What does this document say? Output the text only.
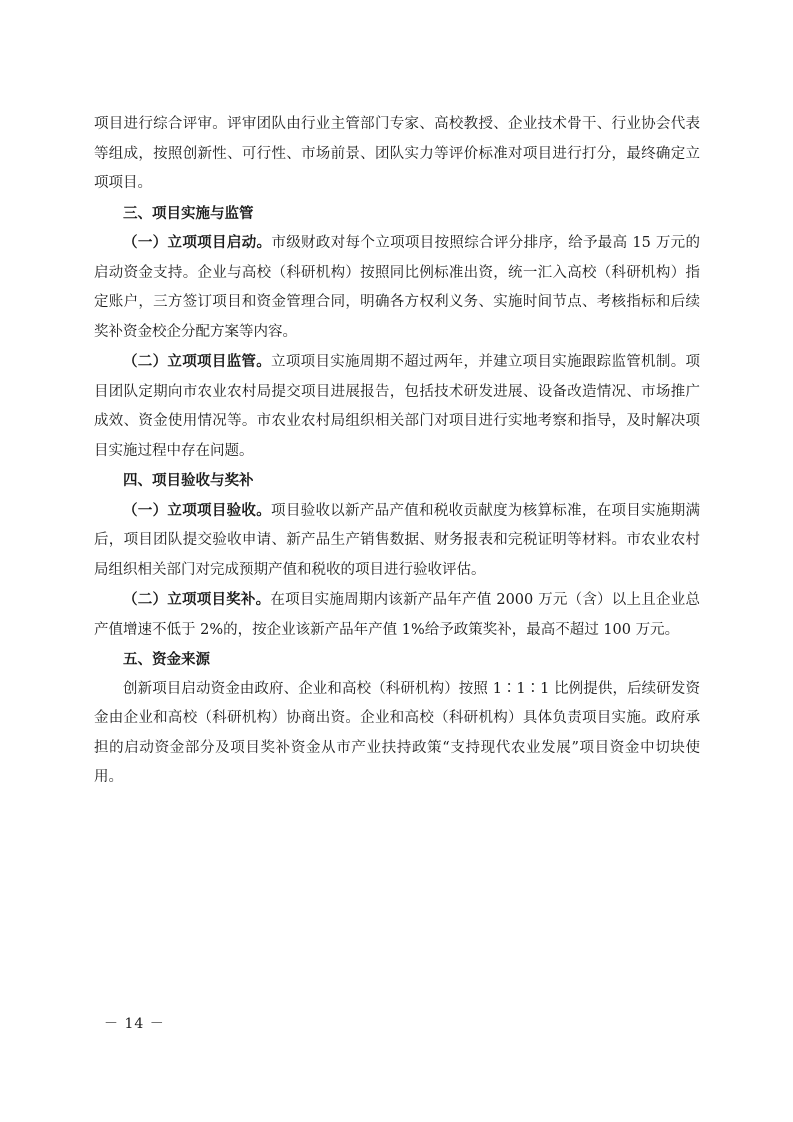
项目进行综合评审。评审团队由行业主管部门专家、高校教授、企业技术骨干、行业协会代表等组成，按照创新性、可行性、市场前景、团队实力等评价标准对项目进行打分，最终确定立项项目。

三、项目实施与监管

（一）立项项目启动。市级财政对每个立项项目按照综合评分排序，给予最高 15 万元的启动资金支持。企业与高校（科研机构）按照同比例标准出资，统一汇入高校（科研机构）指定账户，三方签订项目和资金管理合同，明确各方权利义务、实施时间节点、考核指标和后续奖补资金校企分配方案等内容。

（二）立项项目监管。立项项目实施周期不超过两年，并建立项目实施跟踪监管机制。项目团队定期向市农业农村局提交项目进展报告，包括技术研发进展、设备改造情况、市场推广成效、资金使用情况等。市农业农村局组织相关部门对项目进行实地考察和指导，及时解决项目实施过程中存在问题。

四、项目验收与奖补

（一）立项项目验收。项目验收以新产品产值和税收贡献度为核算标准，在项目实施期满后，项目团队提交验收申请、新产品生产销售数据、财务报表和完税证明等材料。市农业农村局组织相关部门对完成预期产值和税收的项目进行验收评估。

（二）立项项目奖补。在项目实施周期内该新产品年产值 2000 万元（含）以上且企业总产值增速不低于 2%的，按企业该新产品年产值 1%给予政策奖补，最高不超过 100 万元。

五、资金来源

创新项目启动资金由政府、企业和高校（科研机构）按照 1∶1∶1 比例提供，后续研发资金由企业和高校（科研机构）协商出资。企业和高校（科研机构）具体负责项目实施。政府承担的启动资金部分及项目奖补资金从市产业扶持政策“支持现代农业发展”项目资金中切块使用。

－ 14 －
